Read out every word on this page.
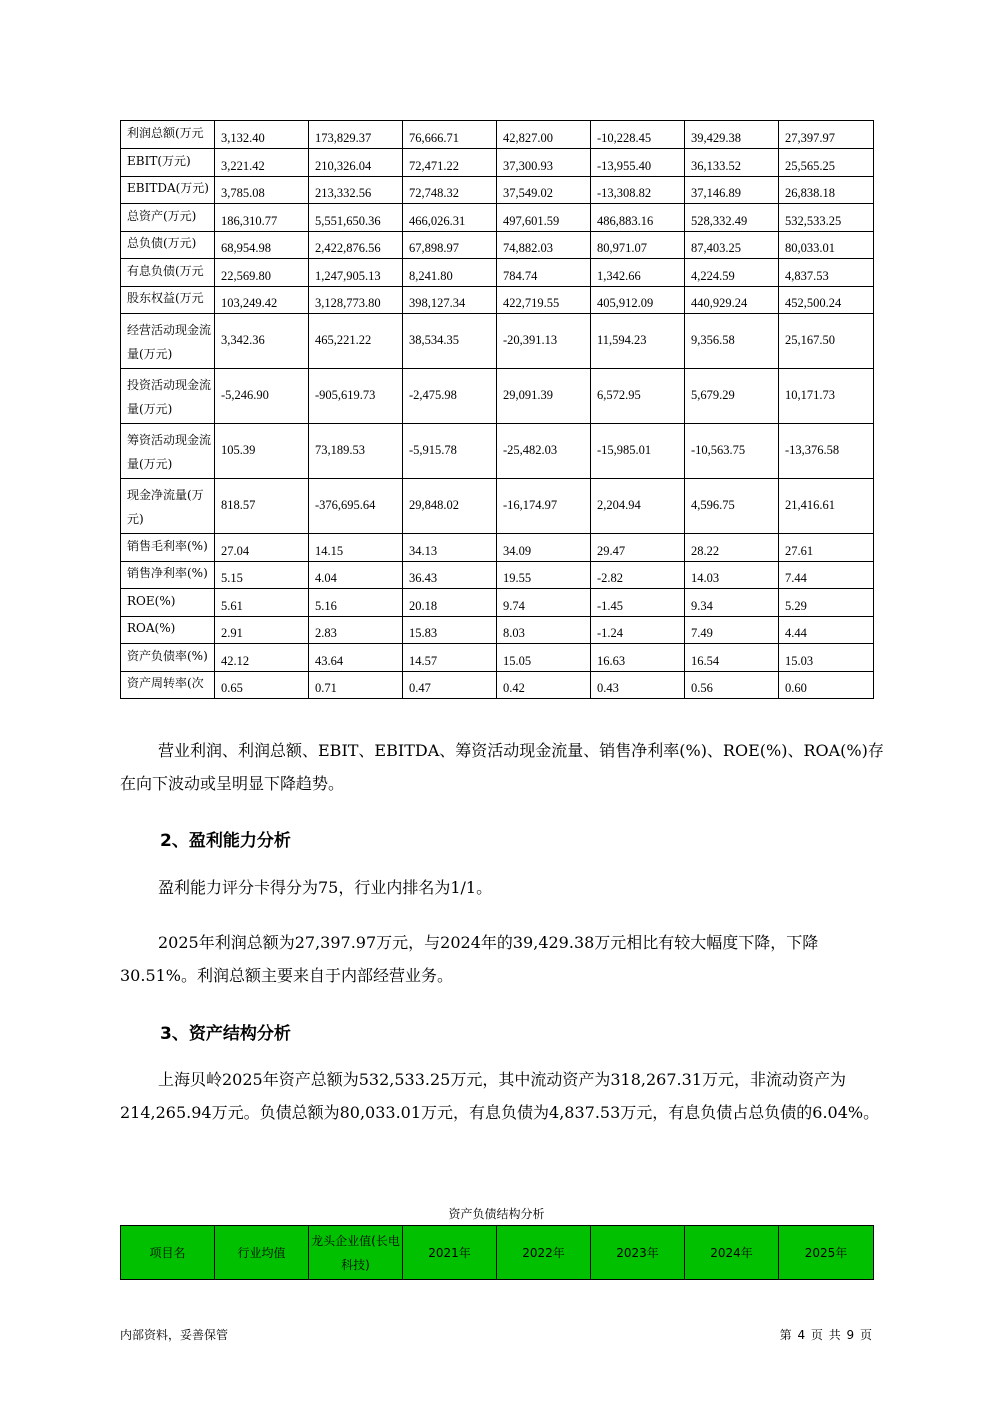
利润总额(万元	3,132.40	173,829.37	76,666.71	42,827.00	-10,228.45	39,429.38	27,397.97
EBIT(万元)	3,221.42	210,326.04	72,471.22	37,300.93	-13,955.40	36,133.52	25,565.25
EBITDA(万元)	3,785.08	213,332.56	72,748.32	37,549.02	-13,308.82	37,146.89	26,838.18
总资产(万元)	186,310.77	5,551,650.36	466,026.31	497,601.59	486,883.16	528,332.49	532,533.25
总负债(万元)	68,954.98	2,422,876.56	67,898.97	74,882.03	80,971.07	87,403.25	80,033.01
有息负债(万元	22,569.80	1,247,905.13	8,241.80	784.74	1,342.66	4,224.59	4,837.53
股东权益(万元	103,249.42	3,128,773.80	398,127.34	422,719.55	405,912.09	440,929.24	452,500.24
经营活动现金流量(万元)	3,342.36	465,221.22	38,534.35	-20,391.13	11,594.23	9,356.58	25,167.50
投资活动现金流量(万元)	-5,246.90	-905,619.73	-2,475.98	29,091.39	6,572.95	5,679.29	10,171.73
筹资活动现金流量(万元)	105.39	73,189.53	-5,915.78	-25,482.03	-15,985.01	-10,563.75	-13,376.58
现金净流量(万元)	818.57	-376,695.64	29,848.02	-16,174.97	2,204.94	4,596.75	21,416.61
销售毛利率(%)	27.04	14.15	34.13	34.09	29.47	28.22	27.61
销售净利率(%)	5.15	4.04	36.43	19.55	-2.82	14.03	7.44
ROE(%)	5.61	5.16	20.18	9.74	-1.45	9.34	5.29
ROA(%)	2.91	2.83	15.83	8.03	-1.24	7.49	4.44
资产负债率(%)	42.12	43.64	14.57	15.05	16.63	16.54	15.03
资产周转率(次	0.65	0.71	0.47	0.42	0.43	0.56	0.60
营业利润、利润总额、EBIT、EBITDA、筹资活动现金流量、销售净利率(%)、ROE(%)、ROA(%)存在向下波动或呈明显下降趋势。
2、盈利能力分析
盈利能力评分卡得分为75，行业内排名为1/1。
2025年利润总额为27,397.97万元，与2024年的39,429.38万元相比有较大幅度下降，下降30.51%。利润总额主要来自于内部经营业务。
3、资产结构分析
上海贝岭2025年资产总额为532,533.25万元，其中流动资产为318,267.31万元，非流动资产为214,265.94万元。负债总额为80,033.01万元，有息负债为4,837.53万元，有息负债占总负债的6.04%。
资产负债结构分析
项目名	行业均值	龙头企业值(长电科技)	2021年	2022年	2023年	2024年	2025年
内部资料，妥善保管	第 4 页 共 9 页
